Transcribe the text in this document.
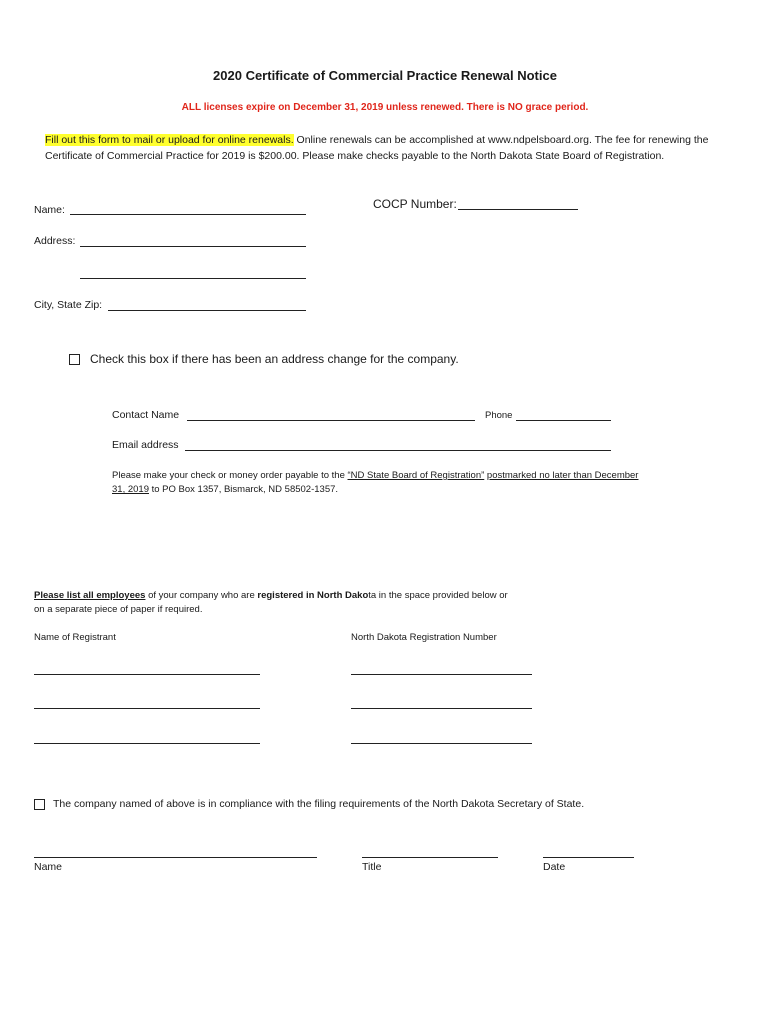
2020 Certificate of Commercial Practice Renewal Notice
ALL licenses expire on December 31, 2019 unless renewed. There is NO grace period.
Fill out this form to mail or upload for online renewals. Online renewals can be accomplished at www.ndpelsboard.org. The fee for renewing the Certificate of Commercial Practice for 2019 is $200.00. Please make checks payable to the North Dakota State Board of Registration.
Name:	COCP Number:
Address:
City, State Zip:
Check this box if there has been an address change for the company.
Contact Name	Phone
Email address
Please make your check or money order payable to the “ND State Board of Registration” postmarked no later than December
31, 2019 to PO Box 1357, Bismarck, ND 58502-1357.
Please list all employees of your company who are registered in North Dakota in the space provided below or
on a separate piece of paper if required.
Name of Registrant	North Dakota Registration Number
The company named of above is in compliance with the filing requirements of the North Dakota Secretary of State.
Name	Title	Date
